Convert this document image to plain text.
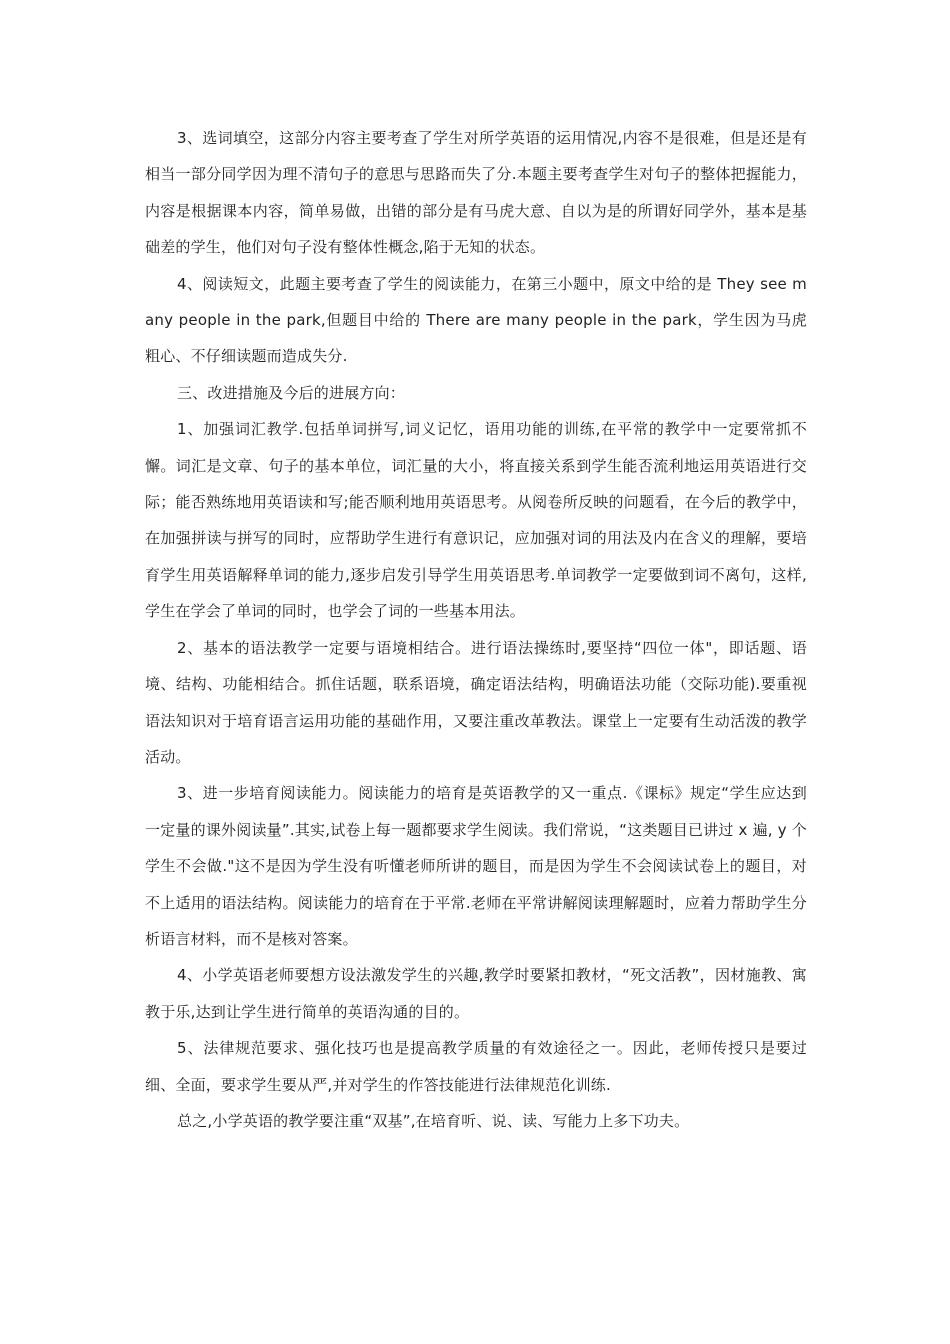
3、选词填空，这部分内容主要考查了学生对所学英语的运用情况,内容不是很难，但是还是有相当一部分同学因为理不清句子的意思与思路而失了分.本题主要考查学生对句子的整体把握能力，内容是根据课本内容，简单易做，出错的部分是有马虎大意、自以为是的所谓好同学外，基本是基础差的学生，他们对句子没有整体性概念,陷于无知的状态。

4、阅读短文，此题主要考查了学生的阅读能力，在第三小题中，原文中给的是 They see many people in the park,但题目中给的 There are many people in the park，学生因为马虎粗心、不仔细读题而造成失分.

三、改进措施及今后的进展方向：

1、加强词汇教学.包括单词拼写,词义记忆，语用功能的训练,在平常的教学中一定要常抓不懈。词汇是文章、句子的基本单位，词汇量的大小，将直接关系到学生能否流利地运用英语进行交际；能否熟练地用英语读和写;能否顺利地用英语思考。从阅卷所反映的问题看，在今后的教学中，在加强拼读与拼写的同时，应帮助学生进行有意识记，应加强对词的用法及内在含义的理解，要培育学生用英语解释单词的能力,逐步启发引导学生用英语思考.单词教学一定要做到词不离句，这样,学生在学会了单词的同时，也学会了词的一些基本用法。

2、基本的语法教学一定要与语境相结合。进行语法操练时,要坚持“四位一体"，即话题、语境、结构、功能相结合。抓住话题，联系语境，确定语法结构，明确语法功能（交际功能).要重视语法知识对于培育语言运用功能的基础作用，又要注重改革教法。课堂上一定要有生动活泼的教学活动。

3、进一步培育阅读能力。阅读能力的培育是英语教学的又一重点.《课标》规定“学生应达到一定量的课外阅读量”.其实,试卷上每一题都要求学生阅读。我们常说，“这类题目已讲过 x 遍, y 个学生不会做."这不是因为学生没有听懂老师所讲的题目，而是因为学生不会阅读试卷上的题目，对不上适用的语法结构。阅读能力的培育在于平常.老师在平常讲解阅读理解题时，应着力帮助学生分析语言材料，而不是核对答案。

4、小学英语老师要想方设法激发学生的兴趣,教学时要紧扣教材，“死文活教”，因材施教、寓教于乐,达到让学生进行简单的英语沟通的目的。

5、法律规范要求、强化技巧也是提高教学质量的有效途径之一。因此，老师传授只是要过细、全面，要求学生要从严,并对学生的作答技能进行法律规范化训练.

总之,小学英语的教学要注重“双基”,在培育听、说、读、写能力上多下功夫。
